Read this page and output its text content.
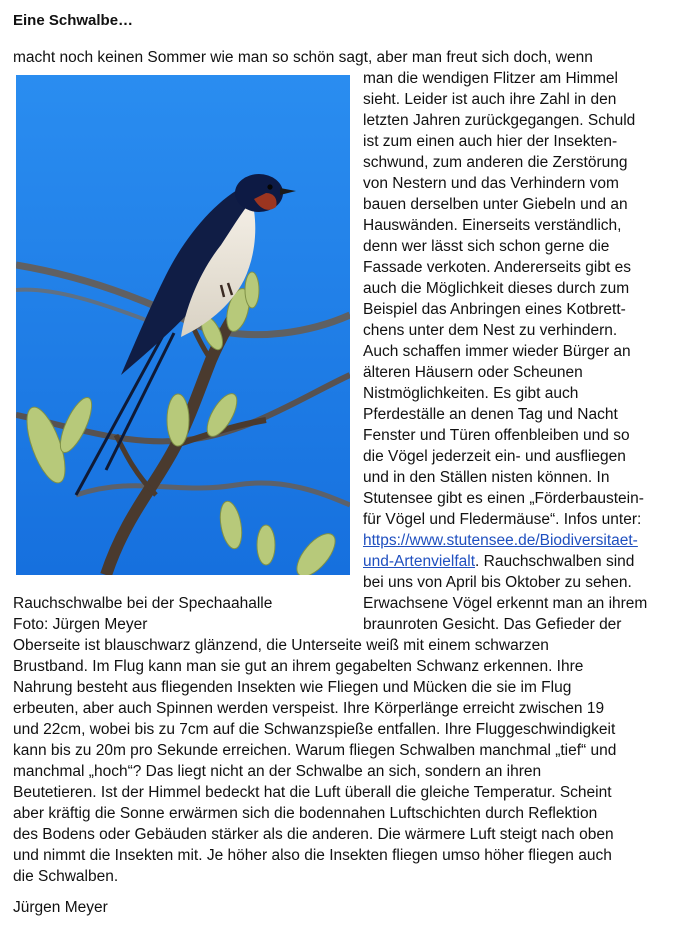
Eine Schwalbe…
macht noch keinen Sommer wie man so schön sagt, aber man freut sich doch, wenn
man die wendigen Flitzer am Himmel
sieht. Leider ist auch ihre Zahl in den
letzten Jahren zurückgegangen. Schuld
ist zum einen auch hier der Insekten-
schwund, zum anderen die Zerstörung
von Nestern und das Verhindern vom
bauen derselben unter Giebeln und an
Hauswänden. Einerseits verständlich,
denn wer lässt sich schon gerne die
Fassade verkoten. Andererseits gibt es
auch die Möglichkeit dieses durch zum
Beispiel das Anbringen eines Kotbrett-
chens unter dem Nest zu verhindern.
Auch schaffen immer wieder Bürger an
älteren Häusern oder Scheunen
Nistmöglichkeiten. Es gibt auch
Pferdeställe an denen Tag und Nacht
Fenster und Türen offenbleiben und so
die Vögel jederzeit ein- und ausfliegen
und in den Ställen nisten können. In
Stutensee gibt es einen „Förderbaustein-
für Vögel und Fledermäuse“. Infos unter:
https://www.stutensee.de/Biodiversitaet-
und-Artenvielfalt. Rauchschwalben sind
bei uns von April bis Oktober zu sehen.
Erwachsene Vögel erkennt man an ihrem
braunroten Gesicht. Das Gefieder der
Rauchschwalbe bei der Spechaahalle
Foto: Jürgen Meyer
Oberseite ist blauschwarz glänzend, die Unterseite weiß mit einem schwarzen
Brustband. Im Flug kann man sie gut an ihrem gegabelten Schwanz erkennen. Ihre
Nahrung besteht aus fliegenden Insekten wie Fliegen und Mücken die sie im Flug
erbeuten, aber auch Spinnen werden verspeist. Ihre Körperlänge erreicht zwischen 19
und 22cm, wobei bis zu 7cm auf die Schwanzspieße entfallen. Ihre Fluggeschwindigkeit
kann bis zu 20m pro Sekunde erreichen. Warum fliegen Schwalben manchmal „tief“ und
manchmal „hoch“? Das liegt nicht an der Schwalbe an sich, sondern an ihren
Beutetieren. Ist der Himmel bedeckt hat die Luft überall die gleiche Temperatur. Scheint
aber kräftig die Sonne erwärmen sich die bodennahen Luftschichten durch Reflektion
des Bodens oder Gebäuden stärker als die anderen. Die wärmere Luft steigt nach oben
und nimmt die Insekten mit. Je höher also die Insekten fliegen umso höher fliegen auch
die Schwalben.
Jürgen Meyer
